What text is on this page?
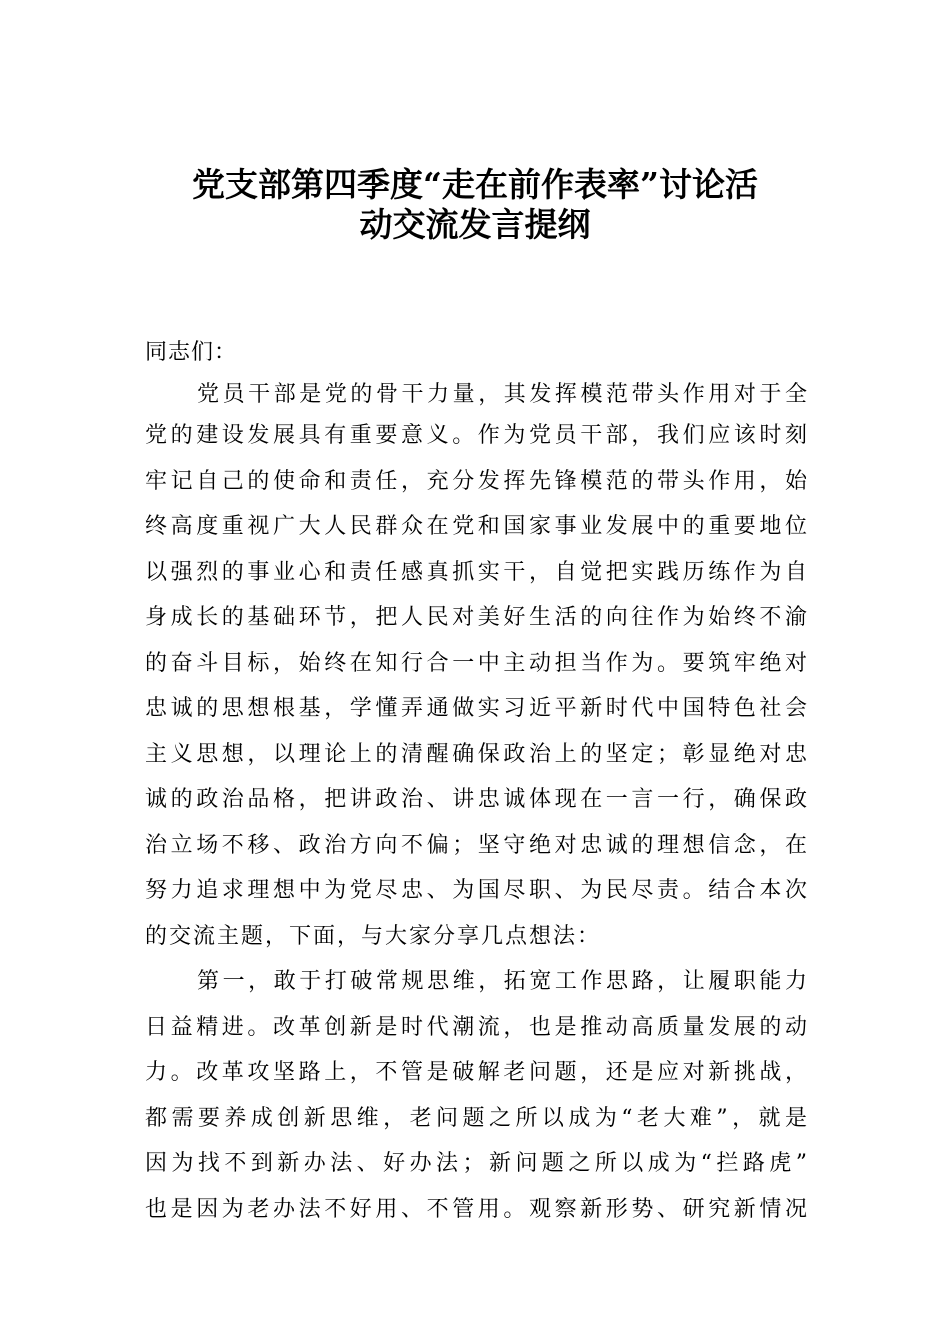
党支部第四季度“走在前作表率”讨论活
动交流发言提纲
同志们：
党员干部是党的骨干力量，其发挥模范带头作用对于全
党的建设发展具有重要意义。作为党员干部，我们应该时刻
牢记自己的使命和责任，充分发挥先锋模范的带头作用，始
终高度重视广大人民群众在党和国家事业发展中的重要地位
以强烈的事业心和责任感真抓实干，自觉把实践历练作为自
身成长的基础环节，把人民对美好生活的向往作为始终不渝
的奋斗目标，始终在知行合一中主动担当作为。要筑牢绝对
忠诚的思想根基，学懂弄通做实习近平新时代中国特色社会
主义思想，以理论上的清醒确保政治上的坚定；彰显绝对忠
诚的政治品格，把讲政治、讲忠诚体现在一言一行，确保政
治立场不移、政治方向不偏；坚守绝对忠诚的理想信念，在
努力追求理想中为党尽忠、为国尽职、为民尽责。结合本次
的交流主题，下面，与大家分享几点想法：
第一，敢于打破常规思维，拓宽工作思路，让履职能力
日益精进。改革创新是时代潮流，也是推动高质量发展的动
力。改革攻坚路上，不管是破解老问题，还是应对新挑战，
都需要养成创新思维，老问题之所以成为“老大难”，就是
因为找不到新办法、好办法；新问题之所以成为“拦路虎”
也是因为老办法不好用、不管用。观察新形势、研究新情况
